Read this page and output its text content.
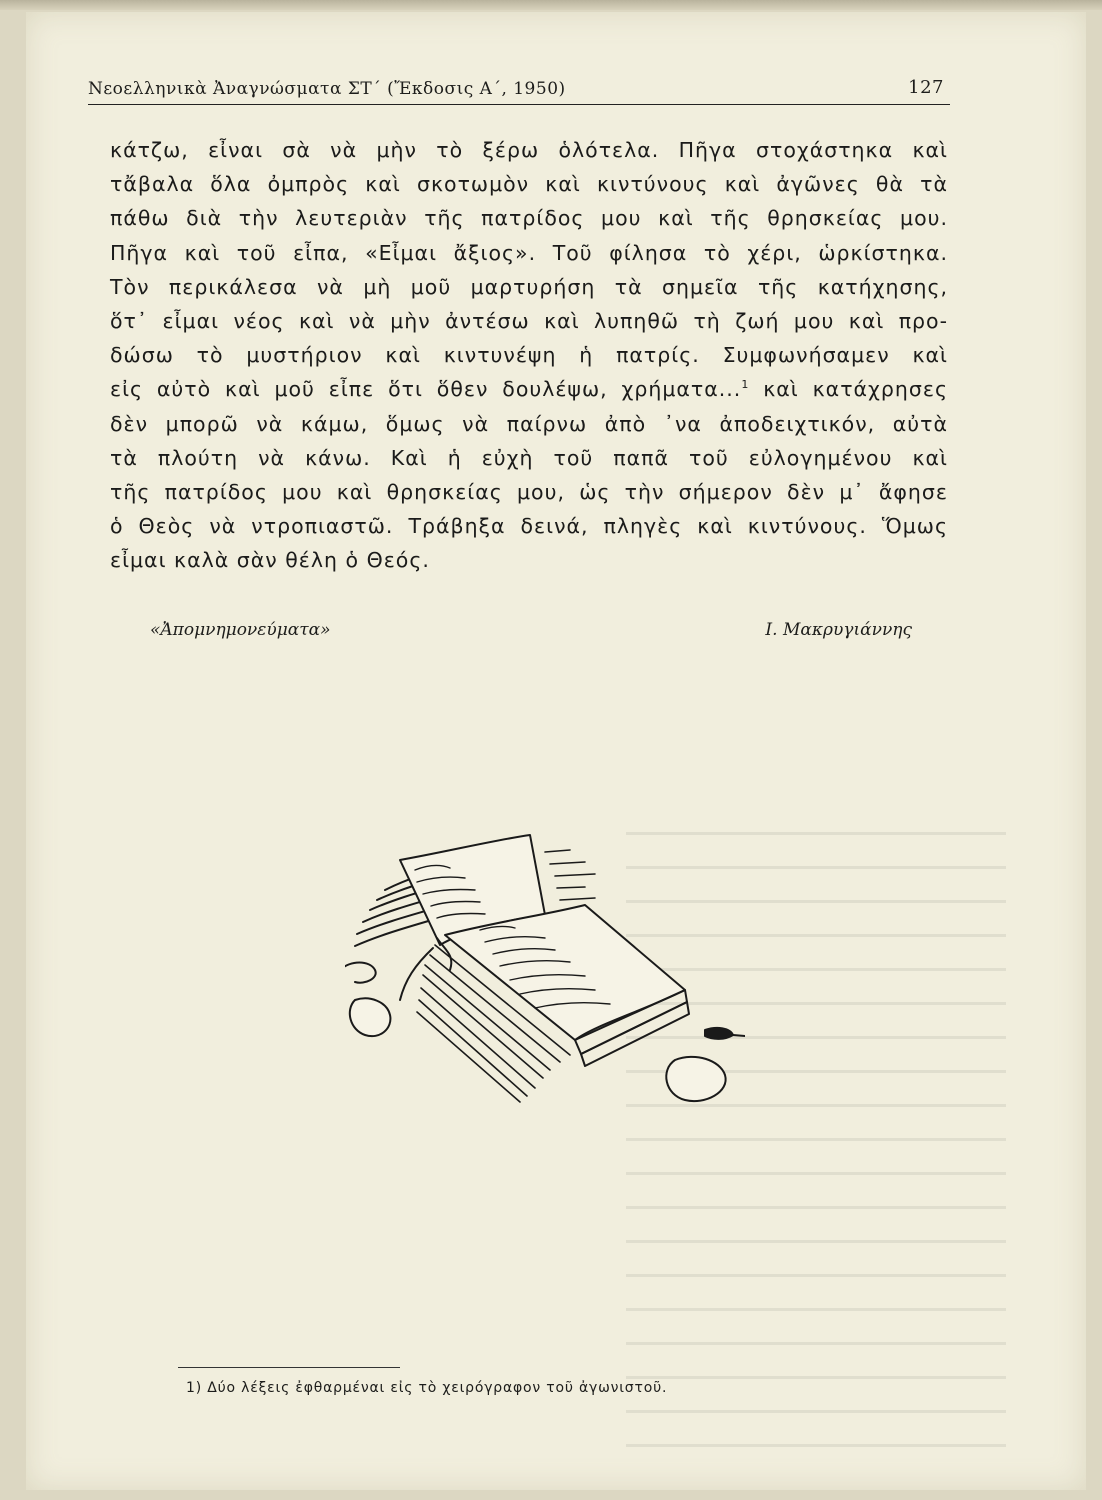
Νεοελληνικὰ Ἀναγνώσματα ΣΤ΄ (Ἔκδοσις Α΄, 1950)	127

κάτζω, εἶναι σὰ νὰ μὴν τὸ ξέρω ὁλότελα. Πῆγα στοχάστηκα καὶ

τἄβαλα ὅλα ὀμπρὸς καὶ σκοτωμὸν καὶ κιντύνους καὶ ἀγῶνες θὰ τὰ

πάθω διὰ τὴν λευτεριὰν τῆς πατρίδος μου καὶ τῆς θρησκείας μου.

Πῆγα καὶ τοῦ εἶπα, «Εἶμαι ἄξιος». Τοῦ φίλησα τὸ χέρι, ὡρκίστηκα.

Τὸν περικάλεσα νὰ μὴ μοῦ μαρτυρήση τὰ σημεῖα τῆς κατήχησης,

ὅτ᾿ εἶμαι νέος καὶ νὰ μὴν ἀντέσω καὶ λυπηθῶ τὴ ζωή μου καὶ προ-

δώσω τὸ μυστήριον καὶ κιντυνέψη ἡ πατρίς. Συμφωνήσαμεν καὶ

εἰς αὐτὸ καὶ μοῦ εἶπε ὅτι ὅθεν δουλέψω, χρήματα...$^1$ καὶ κατάχρησες

δὲν μπορῶ νὰ κάμω, ὅμως νὰ παίρνω ἀπὸ ᾿να ἀποδειχτικόν, αὐτὰ

τὰ πλούτη νὰ κάνω. Καὶ ἡ εὐχὴ τοῦ παπᾶ τοῦ εὐλογημένου καὶ

τῆς πατρίδος μου καὶ θρησκείας μου, ὡς τὴν σήμερον δὲν μ᾿ ἄφησε

ὁ Θεὸς νὰ ντροπιαστῶ. Τράβηξα δεινά, πληγὲς καὶ κιντύνους. Ὅμως

εἶμαι καλὰ σὰν θέλη ὁ Θεός.

«Ἀπομνημονεύματα»	Ι. Μακρυγιάννης
1) Δύο λέξεις ἐφθαρμέναι εἰς τὸ χειρόγραφον τοῦ ἀγωνιστοῦ.
